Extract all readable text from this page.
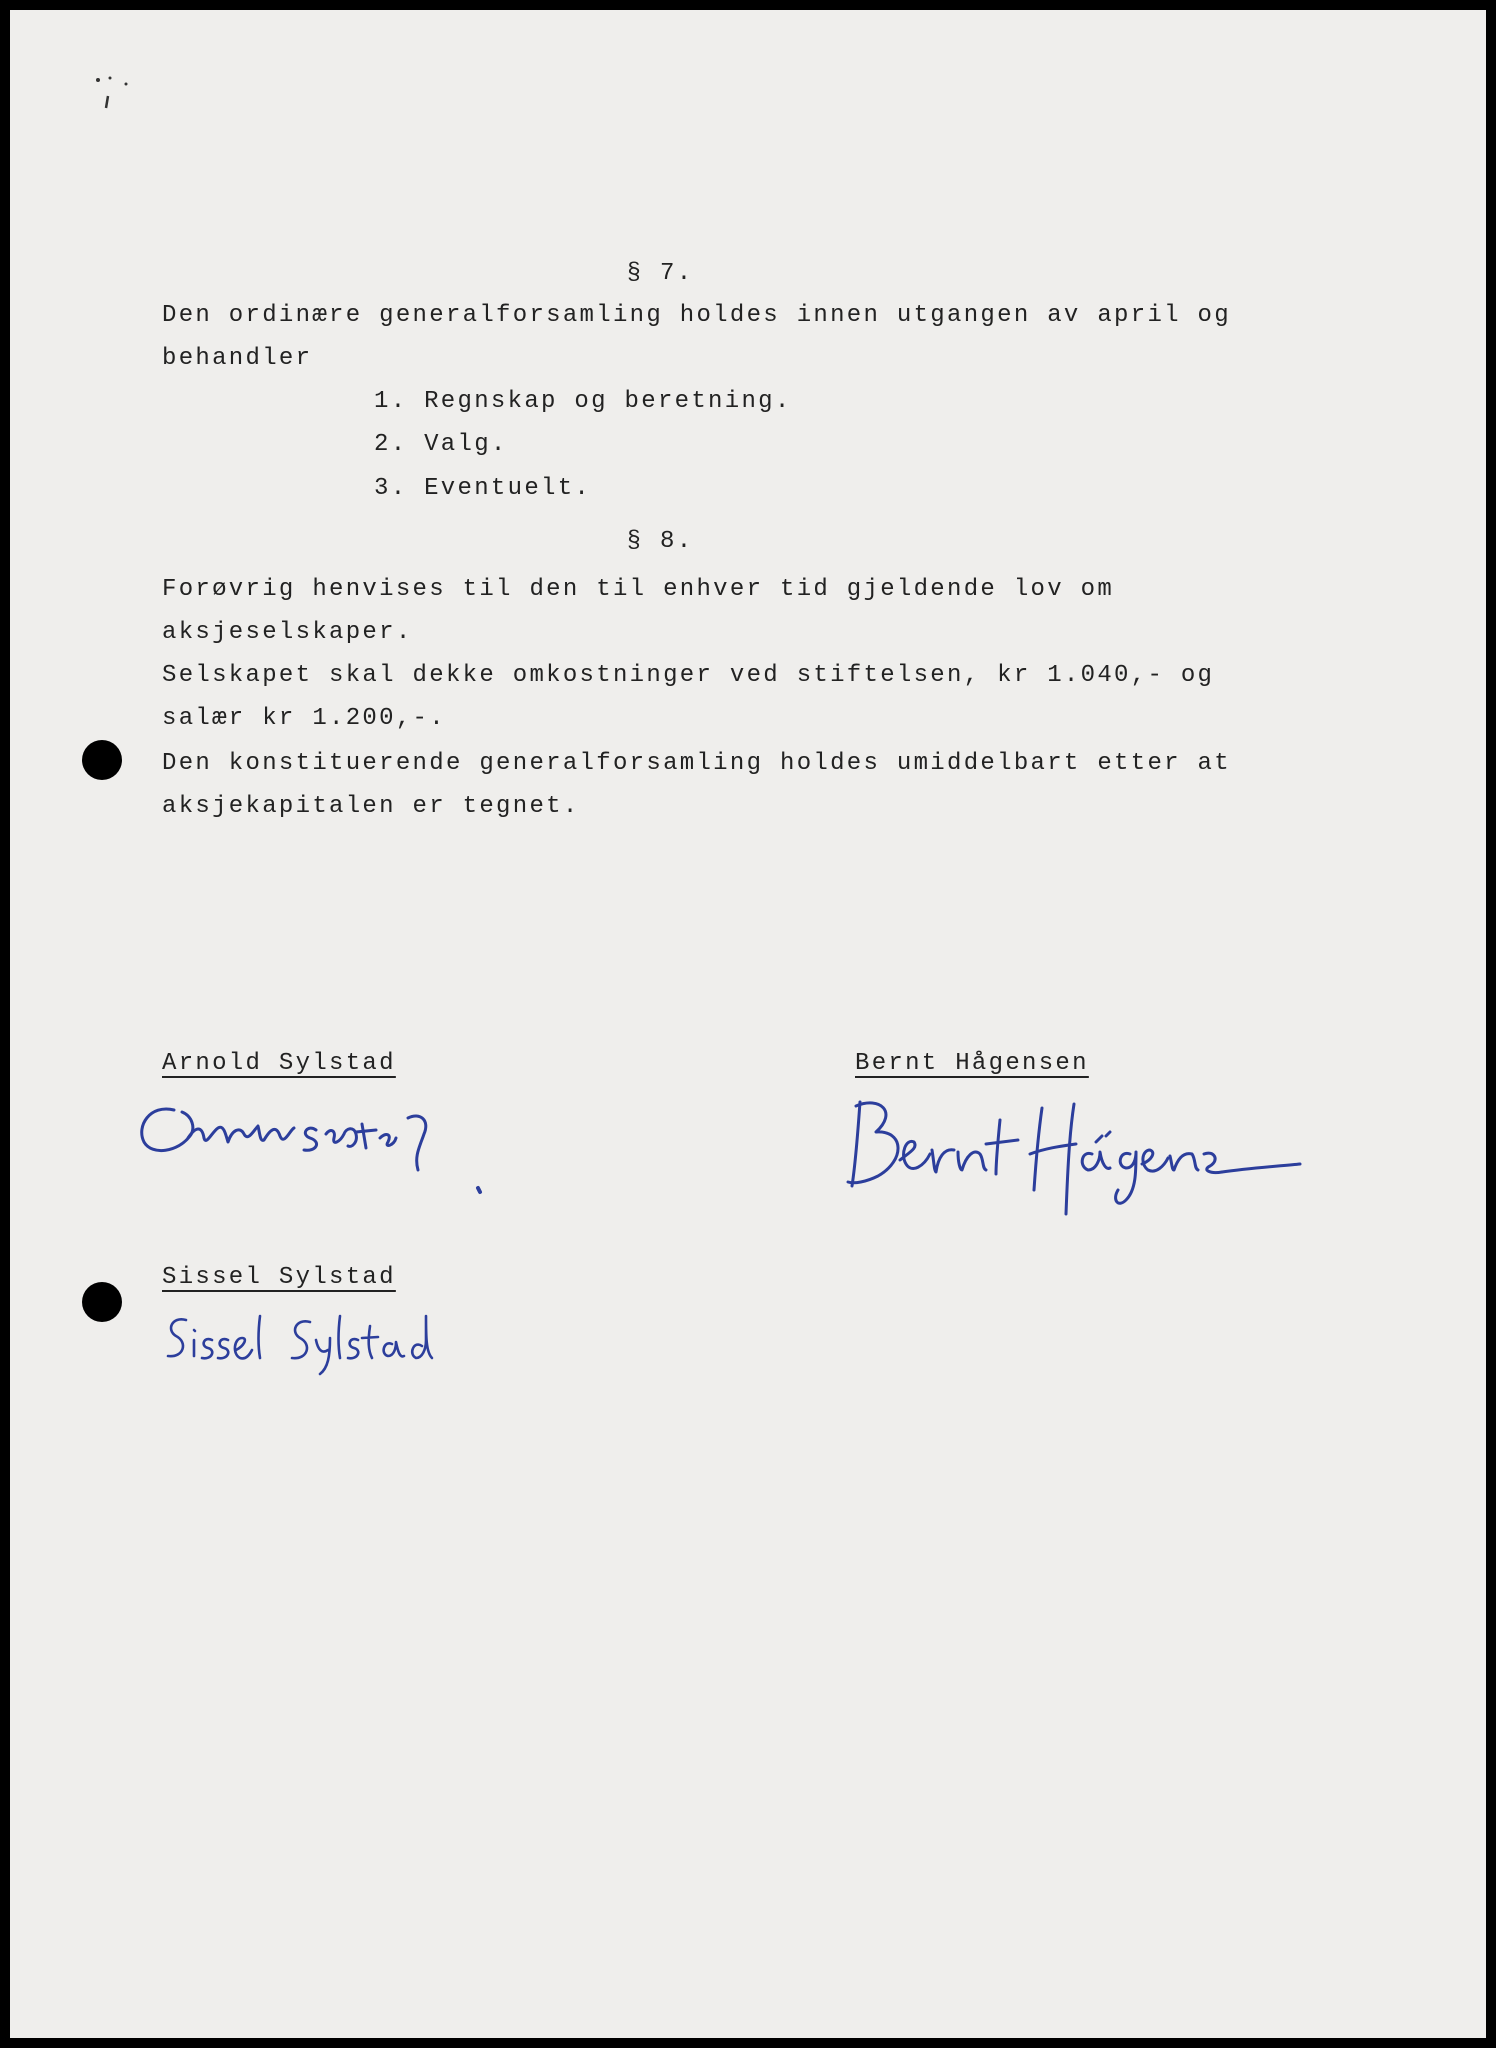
§ 7.
Den ordinære generalforsamling holdes innen utgangen av april og
behandler
1. Regnskap og beretning.
2. Valg.
3. Eventuelt.
§ 8.
Forøvrig henvises til den til enhver tid gjeldende lov om
aksjeselskaper.
Selskapet skal dekke omkostninger ved stiftelsen, kr 1.040,- og
salær kr 1.200,-.
Den konstituerende generalforsamling holdes umiddelbart etter at
aksjekapitalen er tegnet.
Arnold Sylstad	Bernt Hågensen
Sissel Sylstad
